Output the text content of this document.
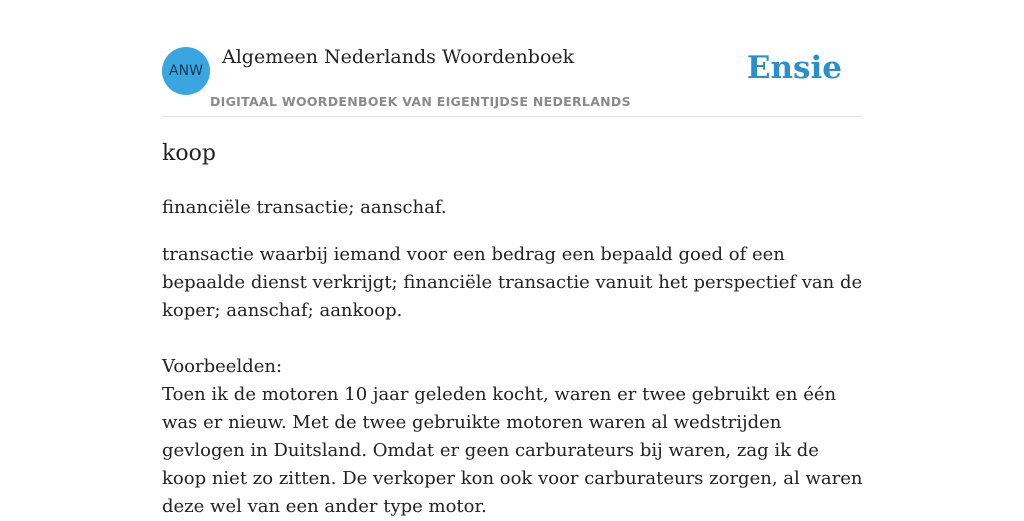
ANW
Algemeen Nederlands Woordenboek
DIGITAAL WOORDENBOEK VAN EIGENTIJDSE NEDERLANDS
Ensie
koop

financiële transactie; aanschaf.

transactie waarbij iemand voor een bedrag een bepaald goed of een bepaalde dienst verkrijgt; financiële transactie vanuit het perspectief van de koper; aanschaf; aankoop.

Voorbeelden:

Toen ik de motoren 10 jaar geleden kocht, waren er twee gebruikt en één was er nieuw. Met de twee gebruikte motoren waren al wedstrijden gevlogen in Duitsland. Omdat er geen carburateurs bij waren, zag ik de koop niet zo zitten. De verkoper kon ook voor carburateurs zorgen, al waren deze wel van een ander type motor.
